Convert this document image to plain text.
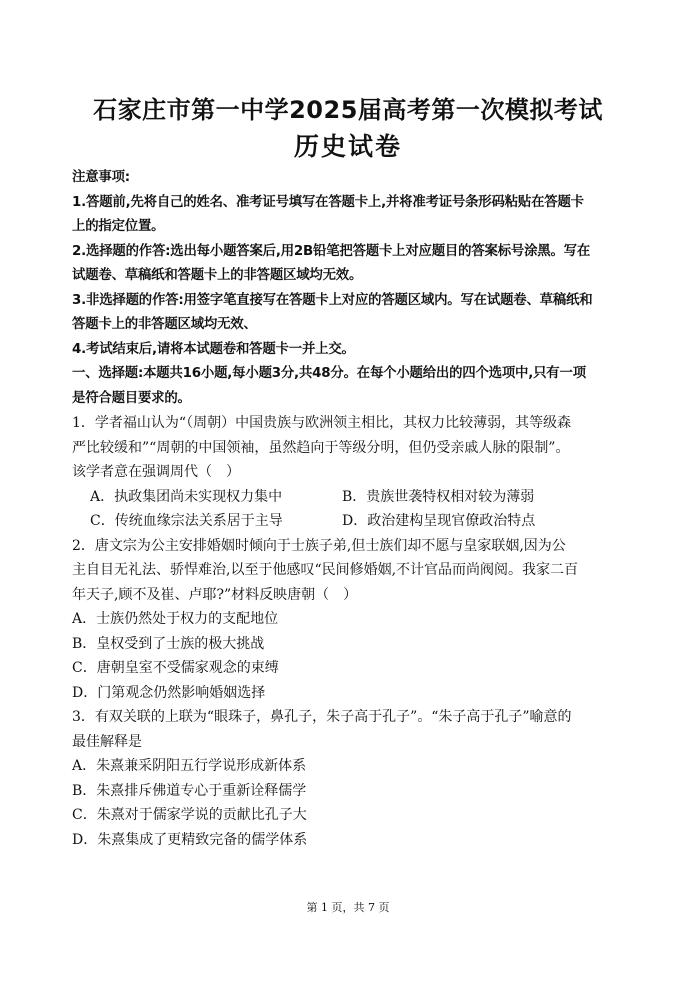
石家庄市第一中学2025届高考第一次模拟考试
历史试卷
注意事项:
1.答题前,先将自己的姓名、准考证号填写在答题卡上,并将准考证号条形码粘贴在答题卡
上的指定位置。
2.选择题的作答:选出每小题答案后,用2B铅笔把答题卡上对应题目的答案标号涂黑。写在
试题卷、草稿纸和答题卡上的非答题区域均无效。
3.非选择题的作答:用签字笔直接写在答题卡上对应的答题区域内。写在试题卷、草稿纸和
答题卡上的非答题区域均无效、
4.考试结束后,请将本试题卷和答题卡一并上交。
一、选择题:本题共16小题,每小题3分,共48分。在每个小题给出的四个选项中,只有一项
是符合题目要求的。
1．学者福山认为“（周朝）中国贵族与欧洲领主相比，其权力比较薄弱，其等级森
严比较缓和”“周朝的中国领袖，虽然趋向于等级分明，但仍受亲戚人脉的限制”。
该学者意在强调周代（　）
A．执政集团尚未实现权力集中	B．贵族世袭特权相对较为薄弱
C．传统血缘宗法关系居于主导	D．政治建构呈现官僚政治特点
2．唐文宗为公主安排婚姻时倾向于士族子弟,但士族们却不愿与皇家联姻,因为公
主自目无礼法、骄悍难治,以至于他感叹“民间修婚姻,不计官品而尚阀阅。我家二百
年天子,顾不及崔、卢耶?”材料反映唐朝（　）
A．士族仍然处于权力的支配地位
B．皇权受到了士族的极大挑战
C．唐朝皇室不受儒家观念的束缚
D．门第观念仍然影响婚姻选择
3．有双关联的上联为“眼珠子，鼻孔子，朱子高于孔子”。“朱子高于孔子”喻意的
最佳解释是
A．朱熹兼采阴阳五行学说形成新体系
B．朱熹排斥佛道专心于重新诠释儒学
C．朱熹对于儒家学说的贡献比孔子大
D．朱熹集成了更精致完备的儒学体系
第 1 页，共 7 页
